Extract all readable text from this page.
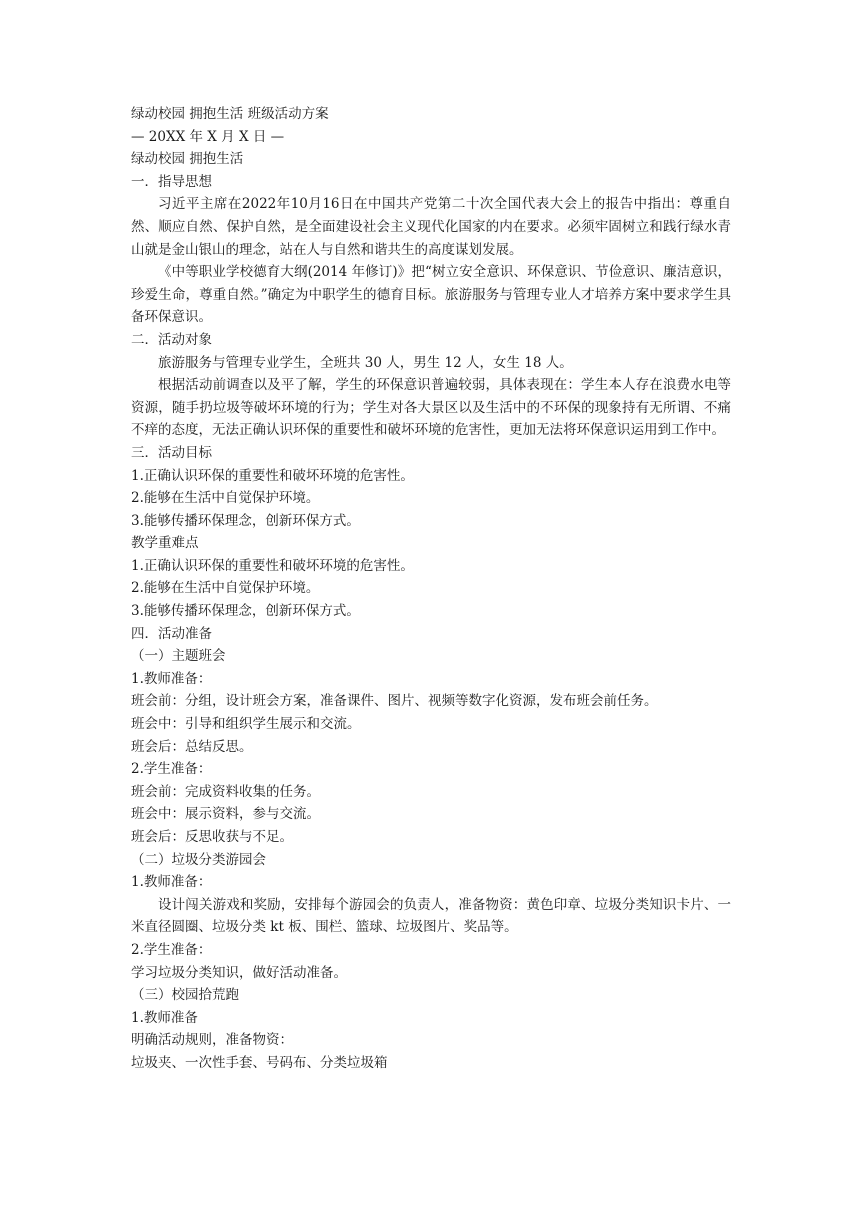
绿动校园 拥抱生活 班级活动方案
— 20XX 年 X 月 X 日 —
绿动校园 拥抱生活
一．指导思想
习近平主席在2022年10月16日在中国共产党第二十次全国代表大会上的报告中指出：尊重自然、顺应自然、保护自然，是全面建设社会主义现代化国家的内在要求。必须牢固树立和践行绿水青山就是金山银山的理念，站在人与自然和谐共生的高度谋划发展。
《中等职业学校德育大纲(2014 年修订)》把“树立安全意识、环保意识、节俭意识、廉洁意识，珍爱生命，尊重自然。”确定为中职学生的德育目标。旅游服务与管理专业人才培养方案中要求学生具备环保意识。
二．活动对象
旅游服务与管理专业学生，全班共 30 人，男生 12 人，女生 18 人。
根据活动前调查以及平了解，学生的环保意识普遍较弱，具体表现在：学生本人存在浪费水电等资源，随手扔垃圾等破坏环境的行为；学生对各大景区以及生活中的不环保的现象持有无所谓、不痛不痒的态度，无法正确认识环保的重要性和破坏环境的危害性，更加无法将环保意识运用到工作中。
三．活动目标
1.正确认识环保的重要性和破坏环境的危害性。
2.能够在生活中自觉保护环境。
3.能够传播环保理念，创新环保方式。
教学重难点
1.正确认识环保的重要性和破坏环境的危害性。
2.能够在生活中自觉保护环境。
3.能够传播环保理念，创新环保方式。
四．活动准备
（一）主题班会
1.教师准备：
班会前：分组，设计班会方案，准备课件、图片、视频等数字化资源，发布班会前任务。
班会中：引导和组织学生展示和交流。
班会后：总结反思。
2.学生准备：
班会前：完成资料收集的任务。
班会中：展示资料，参与交流。
班会后：反思收获与不足。
（二）垃圾分类游园会
1.教师准备：
设计闯关游戏和奖励，安排每个游园会的负责人，准备物资：黄色印章、垃圾分类知识卡片、一米直径圆圈、垃圾分类 kt 板、围栏、篮球、垃圾图片、奖品等。
2.学生准备：
学习垃圾分类知识，做好活动准备。
（三）校园拾荒跑
1.教师准备
明确活动规则，准备物资：
垃圾夹、一次性手套、号码布、分类垃圾箱
